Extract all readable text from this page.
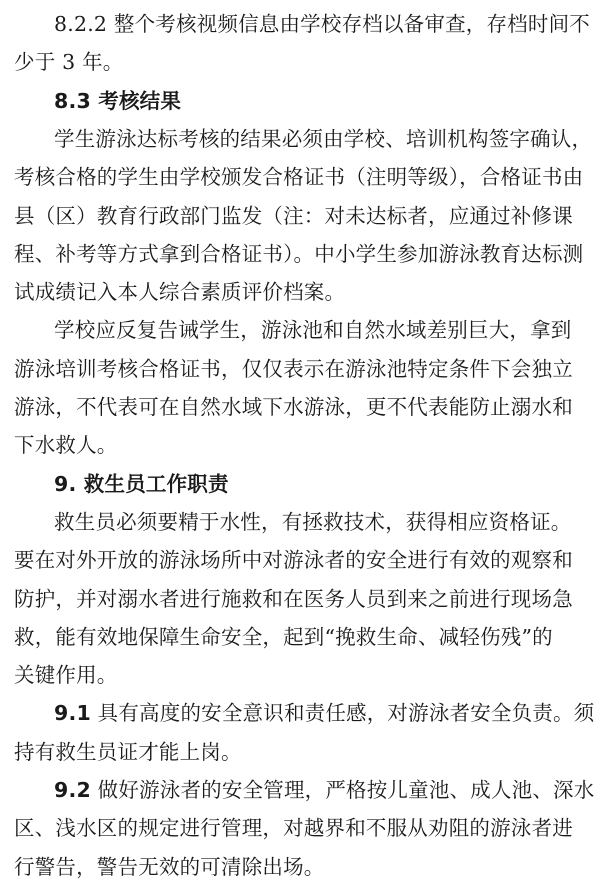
8.2.2 整个考核视频信息由学校存档以备审查，存档时间不
少于 3 年。
8.3 考核结果
学生游泳达标考核的结果必须由学校、培训机构签字确认，
考核合格的学生由学校颁发合格证书（注明等级），合格证书由
县（区）教育行政部门监发（注：对未达标者，应通过补修课
程、补考等方式拿到合格证书）。中小学生参加游泳教育达标测
试成绩记入本人综合素质评价档案。
学校应反复告诫学生，游泳池和自然水域差别巨大，拿到
游泳培训考核合格证书，仅仅表示在游泳池特定条件下会独立
游泳，不代表可在自然水域下水游泳，更不代表能防止溺水和
下水救人。
9. 救生员工作职责
救生员必须要精于水性，有拯救技术，获得相应资格证。
要在对外开放的游泳场所中对游泳者的安全进行有效的观察和
防护，并对溺水者进行施救和在医务人员到来之前进行现场急
救，能有效地保障生命安全，起到“挽救生命、减轻伤残”的
关键作用。
9.1 具有高度的安全意识和责任感，对游泳者安全负责。须
持有救生员证才能上岗。
9.2 做好游泳者的安全管理，严格按儿童池、成人池、深水
区、浅水区的规定进行管理，对越界和不服从劝阻的游泳者进
行警告，警告无效的可清除出场。
